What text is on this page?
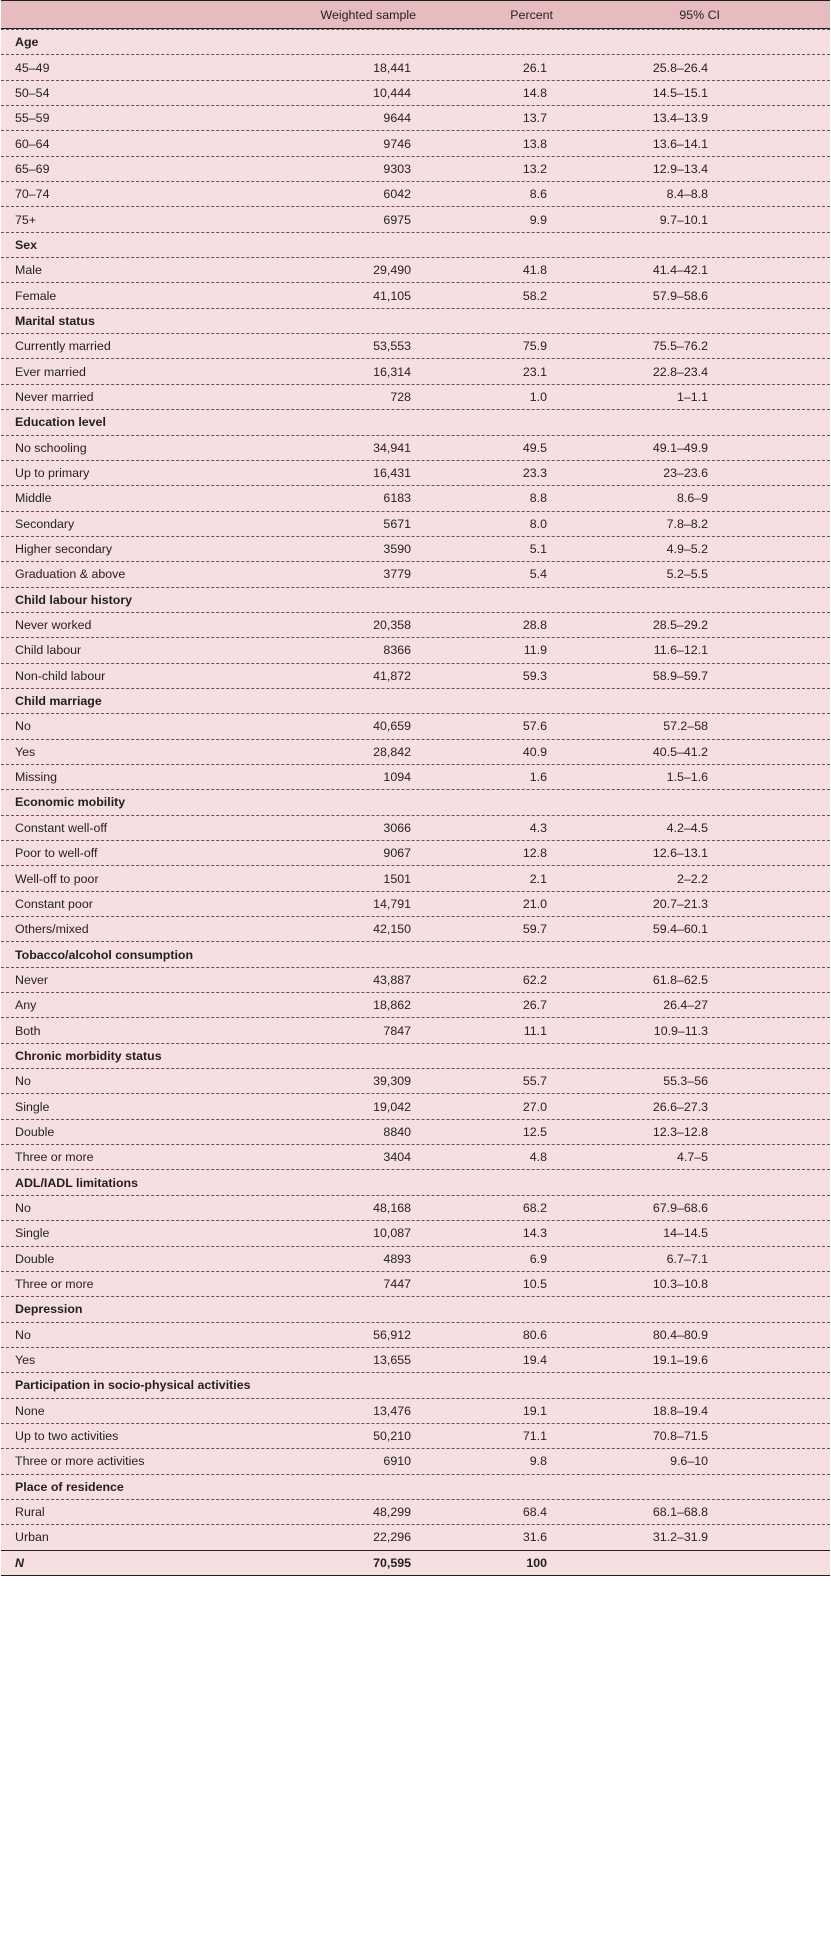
Weighted sample	Percent	95% CI
Age
45–49	18,441	26.1	25.8–26.4
50–54	10,444	14.8	14.5–15.1
55–59	9644	13.7	13.4–13.9
60–64	9746	13.8	13.6–14.1
65–69	9303	13.2	12.9–13.4
70–74	6042	8.6	8.4–8.8
75+	6975	9.9	9.7–10.1
Sex
Male	29,490	41.8	41.4–42.1
Female	41,105	58.2	57.9–58.6
Marital status
Currently married	53,553	75.9	75.5–76.2
Ever married	16,314	23.1	22.8–23.4
Never married	728	1.0	1–1.1
Education level
No schooling	34,941	49.5	49.1–49.9
Up to primary	16,431	23.3	23–23.6
Middle	6183	8.8	8.6–9
Secondary	5671	8.0	7.8–8.2
Higher secondary	3590	5.1	4.9–5.2
Graduation & above	3779	5.4	5.2–5.5
Child labour history
Never worked	20,358	28.8	28.5–29.2
Child labour	8366	11.9	11.6–12.1
Non-child labour	41,872	59.3	58.9–59.7
Child marriage
No	40,659	57.6	57.2–58
Yes	28,842	40.9	40.5–41.2
Missing	1094	1.6	1.5–1.6
Economic mobility
Constant well-off	3066	4.3	4.2–4.5
Poor to well-off	9067	12.8	12.6–13.1
Well-off to poor	1501	2.1	2–2.2
Constant poor	14,791	21.0	20.7–21.3
Others/mixed	42,150	59.7	59.4–60.1
Tobacco/alcohol consumption
Never	43,887	62.2	61.8–62.5
Any	18,862	26.7	26.4–27
Both	7847	11.1	10.9–11.3
Chronic morbidity status
No	39,309	55.7	55.3–56
Single	19,042	27.0	26.6–27.3
Double	8840	12.5	12.3–12.8
Three or more	3404	4.8	4.7–5
ADL/IADL limitations
No	48,168	68.2	67.9–68.6
Single	10,087	14.3	14–14.5
Double	4893	6.9	6.7–7.1
Three or more	7447	10.5	10.3–10.8
Depression
No	56,912	80.6	80.4–80.9
Yes	13,655	19.4	19.1–19.6
Participation in socio-physical activities
None	13,476	19.1	18.8–19.4
Up to two activities	50,210	71.1	70.8–71.5
Three or more activities	6910	9.8	9.6–10
Place of residence
Rural	48,299	68.4	68.1–68.8
Urban	22,296	31.6	31.2–31.9
N	70,595	100
